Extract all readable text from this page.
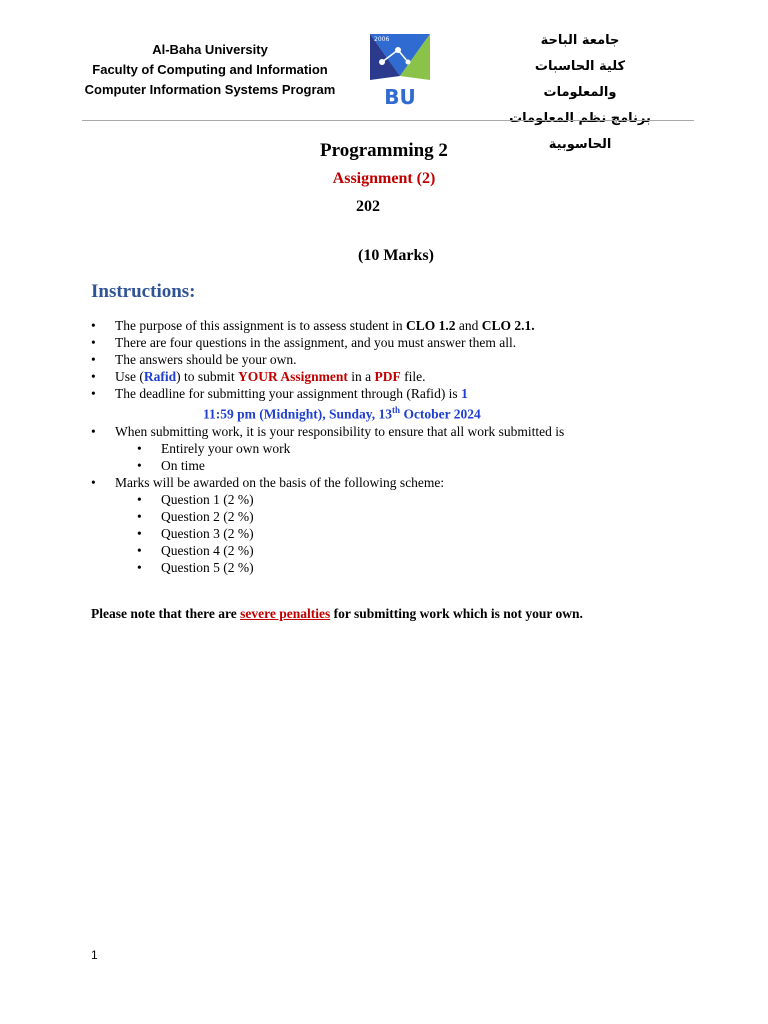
Al-Baha University
Faculty of Computing and Information
Computer Information Systems Program
2006
BU
جامعة الباحة
كلية الحاسبات والمعلومات
برنامج نظم المعلومات الحاسوبية
Programming 2
Assignment (2)
202
(10 Marks)
Instructions:
• The purpose of this assignment is to assess student in CLO 1.2 and CLO 2.1.
• There are four questions in the assignment, and you must answer them all.
• The answers should be your own.
• Use (Rafid) to submit YOUR Assignment in a PDF file.
• The deadline for submitting your assignment through (Rafid) is 1
11:59 pm (Midnight), Sunday, 13th October 2024
• When submitting work, it is your responsibility to ensure that all work submitted is
• Entirely your own work
• On time
• Marks will be awarded on the basis of the following scheme:
• Question 1 (2 %)
• Question 2 (2 %)
• Question 3 (2 %)
• Question 4 (2 %)
• Question 5 (2 %)
Please note that there are severe penalties for submitting work which is not your own.
1
